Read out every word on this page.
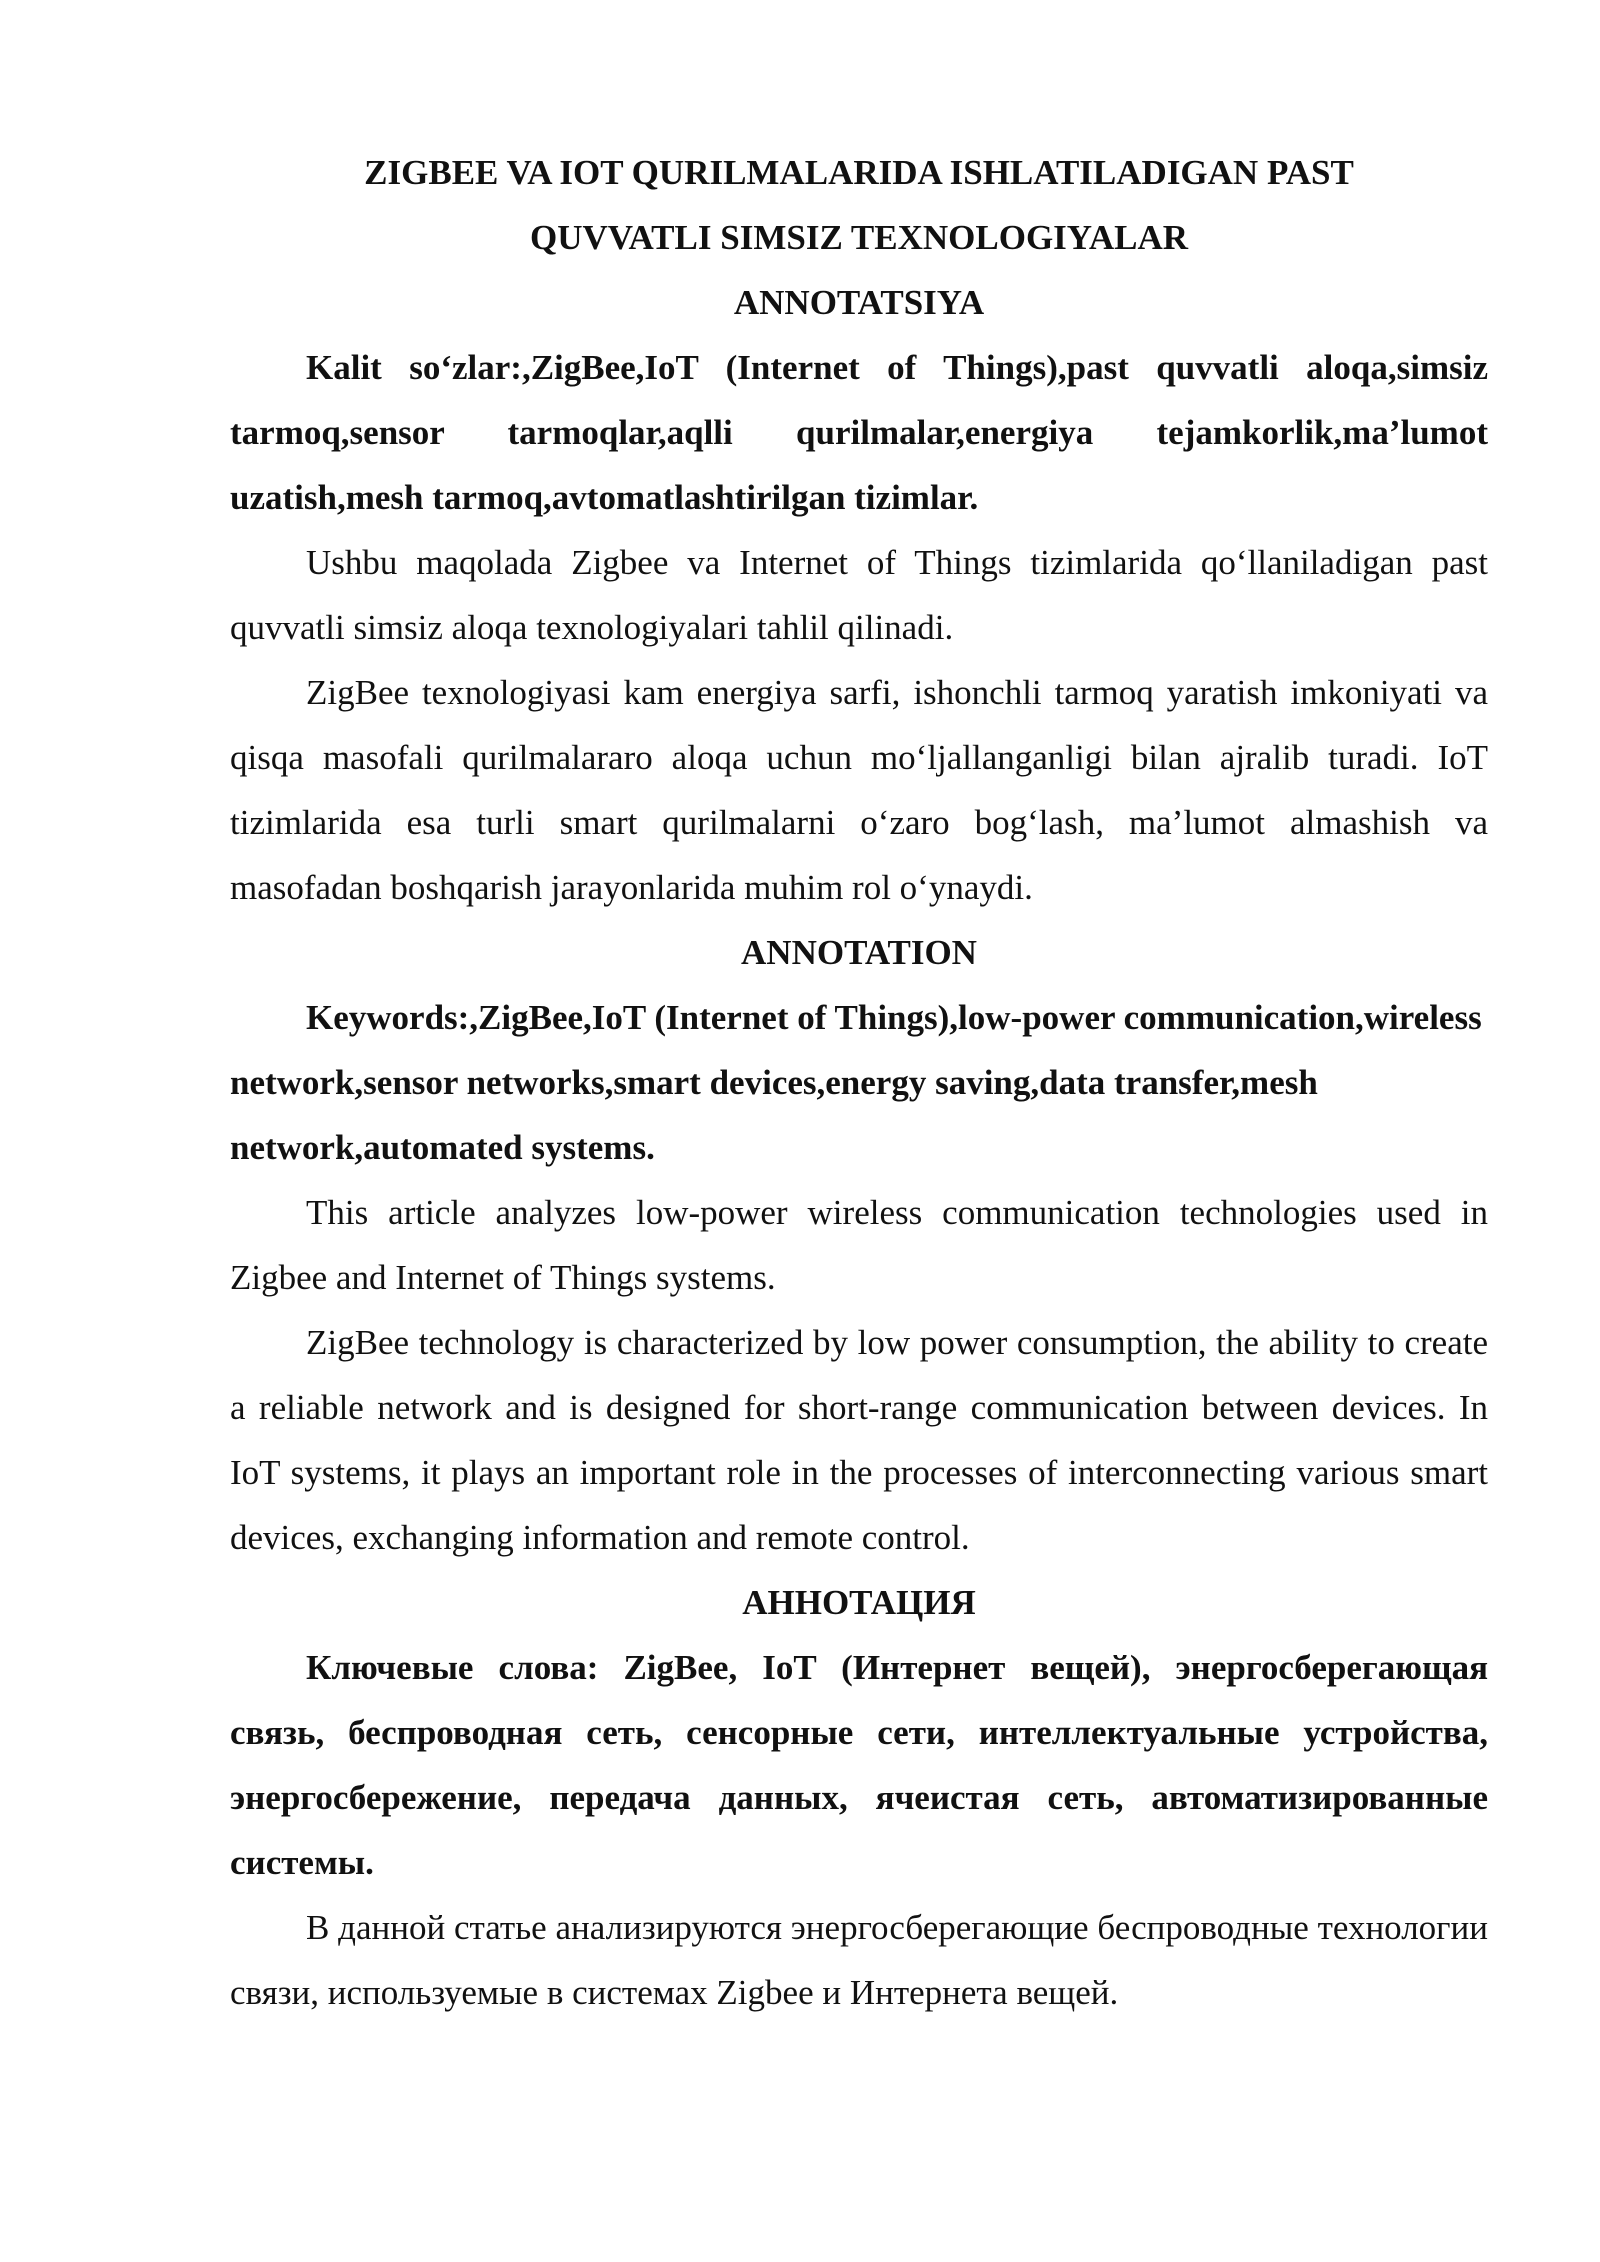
ZIGBEE VA IOT QURILMALARIDA ISHLATILADIGAN PAST

QUVVATLI SIMSIZ TEXNOLOGIYALAR

ANNOTATSIYA

Kalit so‘zlar:,ZigBee,IoT (Internet of Things),past quvvatli aloqa,simsiz tarmoq,sensor tarmoqlar,aqlli qurilmalar,energiya tejamkorlik,ma’lumot uzatish,mesh tarmoq,avtomatlashtirilgan tizimlar.

Ushbu maqolada Zigbee va Internet of Things tizimlarida qo‘llaniladigan past quvvatli simsiz aloqa texnologiyalari tahlil qilinadi.

ZigBee texnologiyasi kam energiya sarfi, ishonchli tarmoq yaratish imkoniyati va qisqa masofali qurilmalararo aloqa uchun mo‘ljallanganligi bilan ajralib turadi. IoT tizimlarida esa turli smart qurilmalarni o‘zaro bog‘lash, ma’lumot almashish va masofadan boshqarish jarayonlarida muhim rol o‘ynaydi.

ANNOTATION

Keywords:,ZigBee,IoT (Internet of Things),low-power communication,wireless network,sensor networks,smart devices,energy saving,data transfer,mesh network,automated systems.

This article analyzes low-power wireless communication technologies used in Zigbee and Internet of Things systems.

ZigBee technology is characterized by low power consumption, the ability to create a reliable network and is designed for short-range communication between devices. In IoT systems, it plays an important role in the processes of interconnecting various smart devices, exchanging information and remote control.

АННОТАЦИЯ

Ключевые слова: ZigBee, IoT (Интернет вещей), энергосберегающая связь, беспроводная сеть, сенсорные сети, интеллектуальные устройства, энергосбережение, передача данных, ячеистая сеть, автоматизированные системы.

В данной статье анализируются энергосберегающие беспроводные технологии связи, используемые в системах Zigbee и Интернета вещей.
